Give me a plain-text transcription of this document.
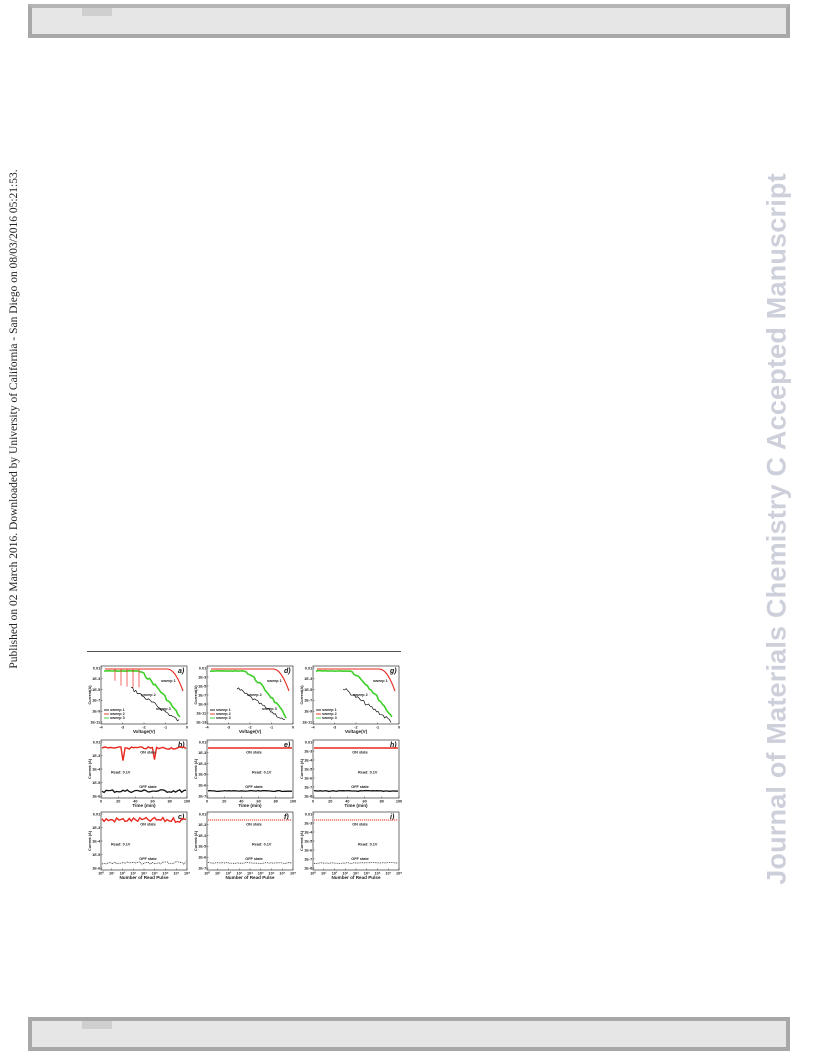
Published on 02 March 2016. Downloaded by University of California - San Diego on 08/03/2016 05:21:53.	Journal of Materials Chemistry C Accepted Manuscript
0.01
1E-3
1E-5
1E-7
1E-9
1E-11
-4	-3	-2	-1	0
Voltage(V)
Current(A)
a)
sweep 1
sweep 2
sweep 3
sweep 1
sweep 2
sweep 3
0.01
1E-3
1E-5
1E-7
1E-9
1E-11
1E-13
-4	-3	-2	-1	0
Voltage(V)
Current(A)
d)
sweep 1
sweep 2
sweep 3
sweep 1
sweep 2
sweep 3
0.01
1E-3
1E-5
1E-7
1E-9
1E-11
-4	-3	-2	-1	0
Voltage(V)
Current(A)
g)
sweep 1
sweep 2
sweep 3
sweep 1
sweep 2
0.01
1E-3
1E-4
1E-5
1E-6
0	20	40	60	80	100
Time (min)
Current (A)
b)
ON state
OFF state
Read: 0.1V
0.01
1E-3
1E-4
1E-5
1E-6
1E-7
0	20	40	60	80	100
Time (min)
Current (A)
e)
ON state
OFF state
Read: 0.1V
0.01
1E-3
1E-4
1E-5
1E-6
1E-7
1E-8
0	20	40	60	80	100
Time (min)
Current (A)
h)
ON state
OFF state
Read: 0.1V
0.01
1E-3
1E-4
1E-5
1E-6
10⁰ 10¹ 10² 10³ 10⁴ 10⁵ 10⁶ 10⁷ 10⁸
Number of Read Pulse
Current (A)
c)
ON state
OFF state
Read: 0.1V
0.01
1E-3
1E-4
1E-5
1E-6
1E-7
10⁰ 10¹ 10² 10³ 10⁴ 10⁵ 10⁶ 10⁷ 10⁸
Number of Read Pulse
Current (A)
f)
ON state
OFF state
Read: 0.1V
0.01
1E-3
1E-4
1E-5
1E-6
1E-7
1E-8
10⁰ 10¹ 10² 10³ 10⁴ 10⁵ 10⁶ 10⁷ 10⁸
Number of Read Pulse
Current (A)
i)
ON state
OFF state
Read: 0.1V
